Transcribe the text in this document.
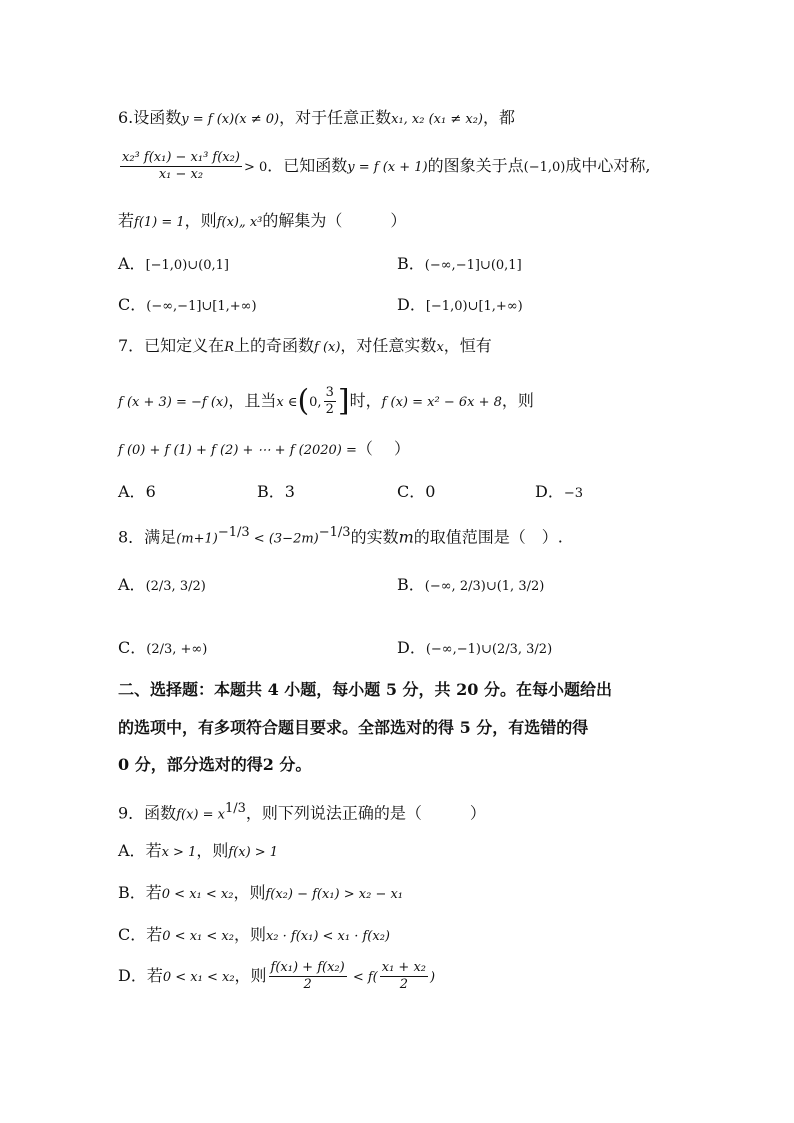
6.设函数y = f (x)(x ≠ 0)，对于任意正数x₁, x₂ (x₁ ≠ x₂)，都
$\frac{\text{x₂³ f(x₁) − x₁³ f(x₂)}}{\text{x₁ − x₂}} > 0$．已知函数y = f (x + 1)的图象关于点(−1,0)成中心对称,
若f(1) = 1，则f(x)„ x³的解集为（　　　）
A．[−1,0)∪(0,1]	B．(−∞,−1]∪(0,1]
C．(−∞,−1]∪[1,+∞)	D．[−1,0)∪[1,+∞)
7．已知定义在R上的奇函数f (x)，对任意实数x，恒有
f (x + 3) = −f (x)，且当x ∈(0, $\frac{3}{2}$ ]时，f (x) = x² − 6x + 8，则
f (0) + f (1) + f (2) + ⋯ + f (2020) =（　 ）
A．6	B．3	C．0	D．−3
8．满足$(m+1)^{-1/3} < (3-2m)^{-1/3}$的实数m的取值范围是（　）.
A．(2/3, 3/2)	B．(−∞, 2/3)∪(1, 3/2)
C．(2/3, +∞)	D．(−∞,−1)∪(2/3, 3/2)
二、选择题：本题共 4 小题，每小题 5 分，共 20 分。在每小题给出
的选项中，有多项符合题目要求。全部选对的得 5 分，有选错的得
0 分，部分选对的得2 分。
9．函数$f(x) = x^{1/3}$，则下列说法正确的是（　　　）
A．若x > 1，则f(x) > 1
B．若0 < x₁ < x₂，则f(x₂) − f(x₁) > x₂ − x₁
C．若0 < x₁ < x₂，则x₂ · f(x₁) < x₁ · f(x₂)
D．若0 < x₁ < x₂，则 $\frac{\text{f(x₁) + f(x₂)}}{2} < f( \frac{\text{x₁ + x₂}}{2}$ )
